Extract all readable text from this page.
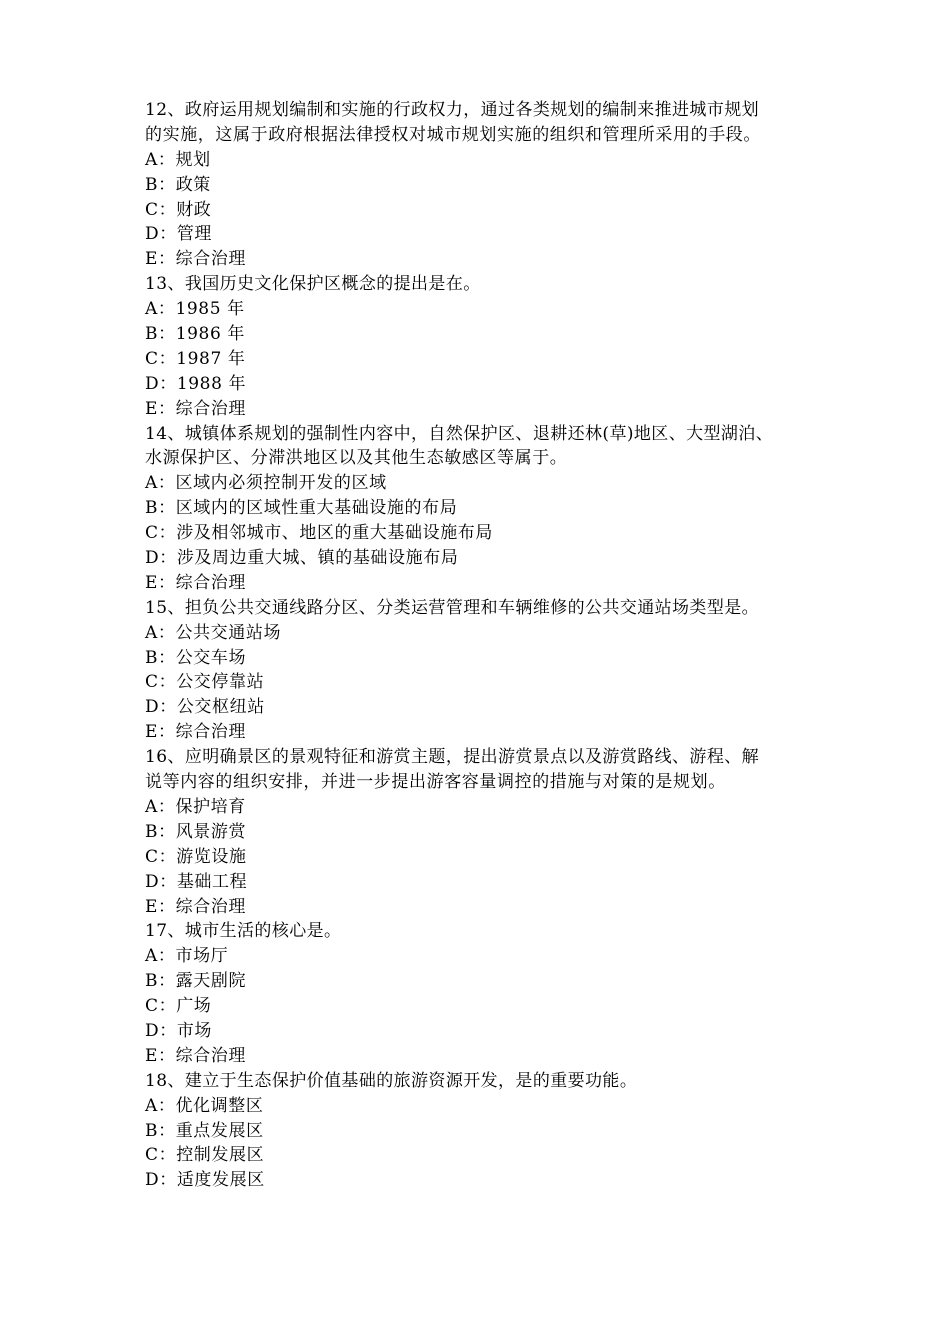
12、政府运用规划编制和实施的行政权力，通过各类规划的编制来推进城市规划
的实施，这属于政府根据法律授权对城市规划实施的组织和管理所采用的手段。
A：规划
B：政策
C：财政
D：管理
E：综合治理
13、我国历史文化保护区概念的提出是在。
A：1985 年
B：1986 年
C：1987 年
D：1988 年
E：综合治理
14、城镇体系规划的强制性内容中，自然保护区、退耕还林(草)地区、大型湖泊、
水源保护区、分滞洪地区以及其他生态敏感区等属于。
A：区域内必须控制开发的区域
B：区域内的区域性重大基础设施的布局
C：涉及相邻城市、地区的重大基础设施布局
D：涉及周边重大城、镇的基础设施布局
E：综合治理
15、担负公共交通线路分区、分类运营管理和车辆维修的公共交通站场类型是。
A：公共交通站场
B：公交车场
C：公交停靠站
D：公交枢纽站
E：综合治理
16、应明确景区的景观特征和游赏主题，提出游赏景点以及游赏路线、游程、解
说等内容的组织安排，并进一步提出游客容量调控的措施与对策的是规划。
A：保护培育
B：风景游赏
C：游览设施
D：基础工程
E：综合治理
17、城市生活的核心是。
A：市场厅
B：露天剧院
C：广场
D：市场
E：综合治理
18、建立于生态保护价值基础的旅游资源开发，是的重要功能。
A：优化调整区
B：重点发展区
C：控制发展区
D：适度发展区
